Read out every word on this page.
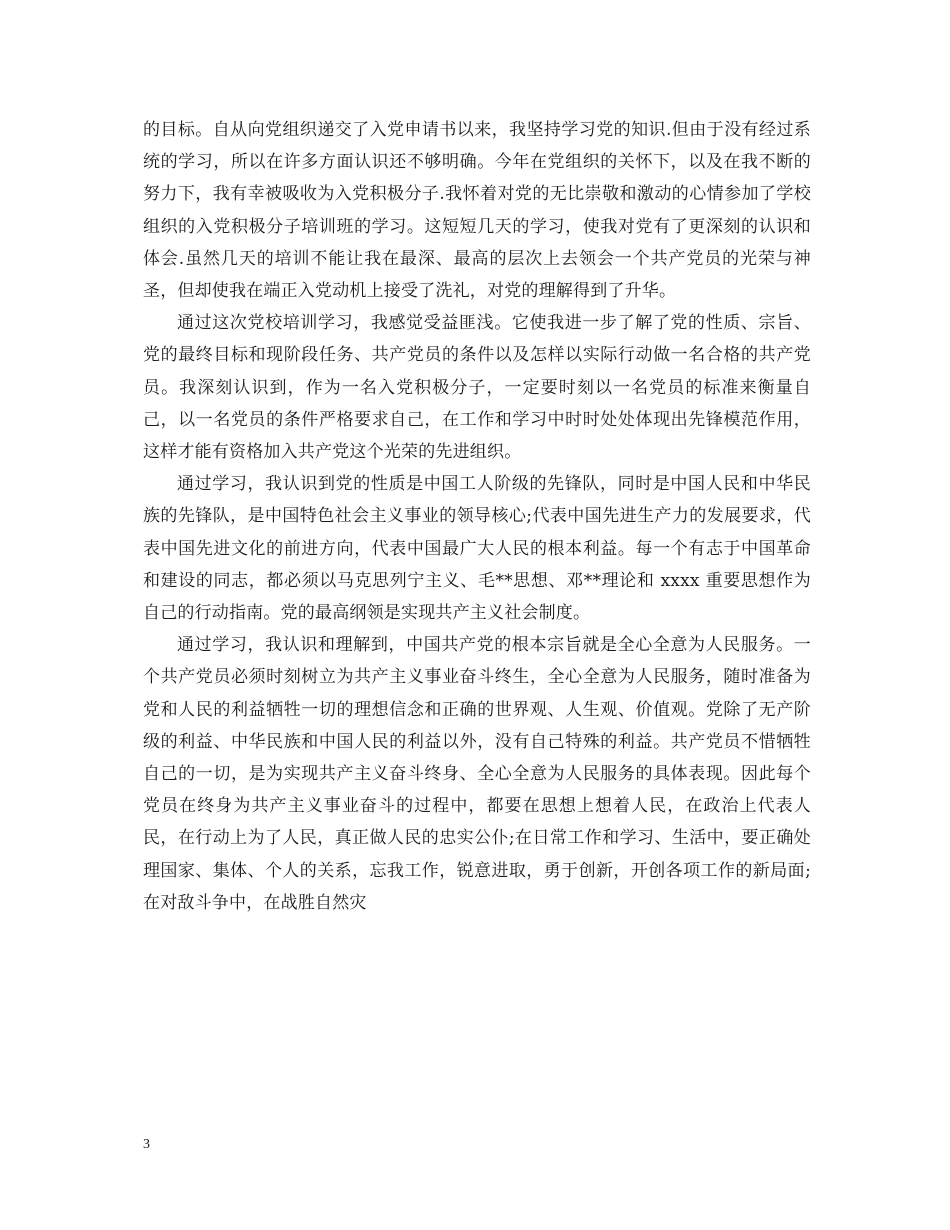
的目标。自从向党组织递交了入党申请书以来，我坚持学习党的知识.但由于没有经过系统的学习，所以在许多方面认识还不够明确。今年在党组织的关怀下，以及在我不断的努力下，我有幸被吸收为入党积极分子.我怀着对党的无比崇敬和激动的心情参加了学校组织的入党积极分子培训班的学习。这短短几天的学习，使我对党有了更深刻的认识和体会.虽然几天的培训不能让我在最深、最高的层次上去领会一个共产党员的光荣与神圣，但却使我在端正入党动机上接受了洗礼，对党的理解得到了升华。

通过这次党校培训学习，我感觉受益匪浅。它使我进一步了解了党的性质、宗旨、党的最终目标和现阶段任务、共产党员的条件以及怎样以实际行动做一名合格的共产党员。我深刻认识到，作为一名入党积极分子，一定要时刻以一名党员的标准来衡量自己，以一名党员的条件严格要求自己，在工作和学习中时时处处体现出先锋模范作用，这样才能有资格加入共产党这个光荣的先进组织。

通过学习，我认识到党的性质是中国工人阶级的先锋队，同时是中国人民和中华民族的先锋队，是中国特色社会主义事业的领导核心;代表中国先进生产力的发展要求，代表中国先进文化的前进方向，代表中国最广大人民的根本利益。每一个有志于中国革命和建设的同志，都必须以马克思列宁主义、毛**思想、邓**理论和 xxxx 重要思想作为自己的行动指南。党的最高纲领是实现共产主义社会制度。

通过学习，我认识和理解到，中国共产党的根本宗旨就是全心全意为人民服务。一个共产党员必须时刻树立为共产主义事业奋斗终生，全心全意为人民服务，随时准备为党和人民的利益牺牲一切的理想信念和正确的世界观、人生观、价值观。党除了无产阶级的利益、中华民族和中国人民的利益以外，没有自己特殊的利益。共产党员不惜牺牲自己的一切，是为实现共产主义奋斗终身、全心全意为人民服务的具体表现。因此每个党员在终身为共产主义事业奋斗的过程中，都要在思想上想着人民，在政治上代表人民，在行动上为了人民，真正做人民的忠实公仆;在日常工作和学习、生活中，要正确处理国家、集体、个人的关系，忘我工作，锐意进取，勇于创新，开创各项工作的新局面;在对敌斗争中，在战胜自然灾

3
